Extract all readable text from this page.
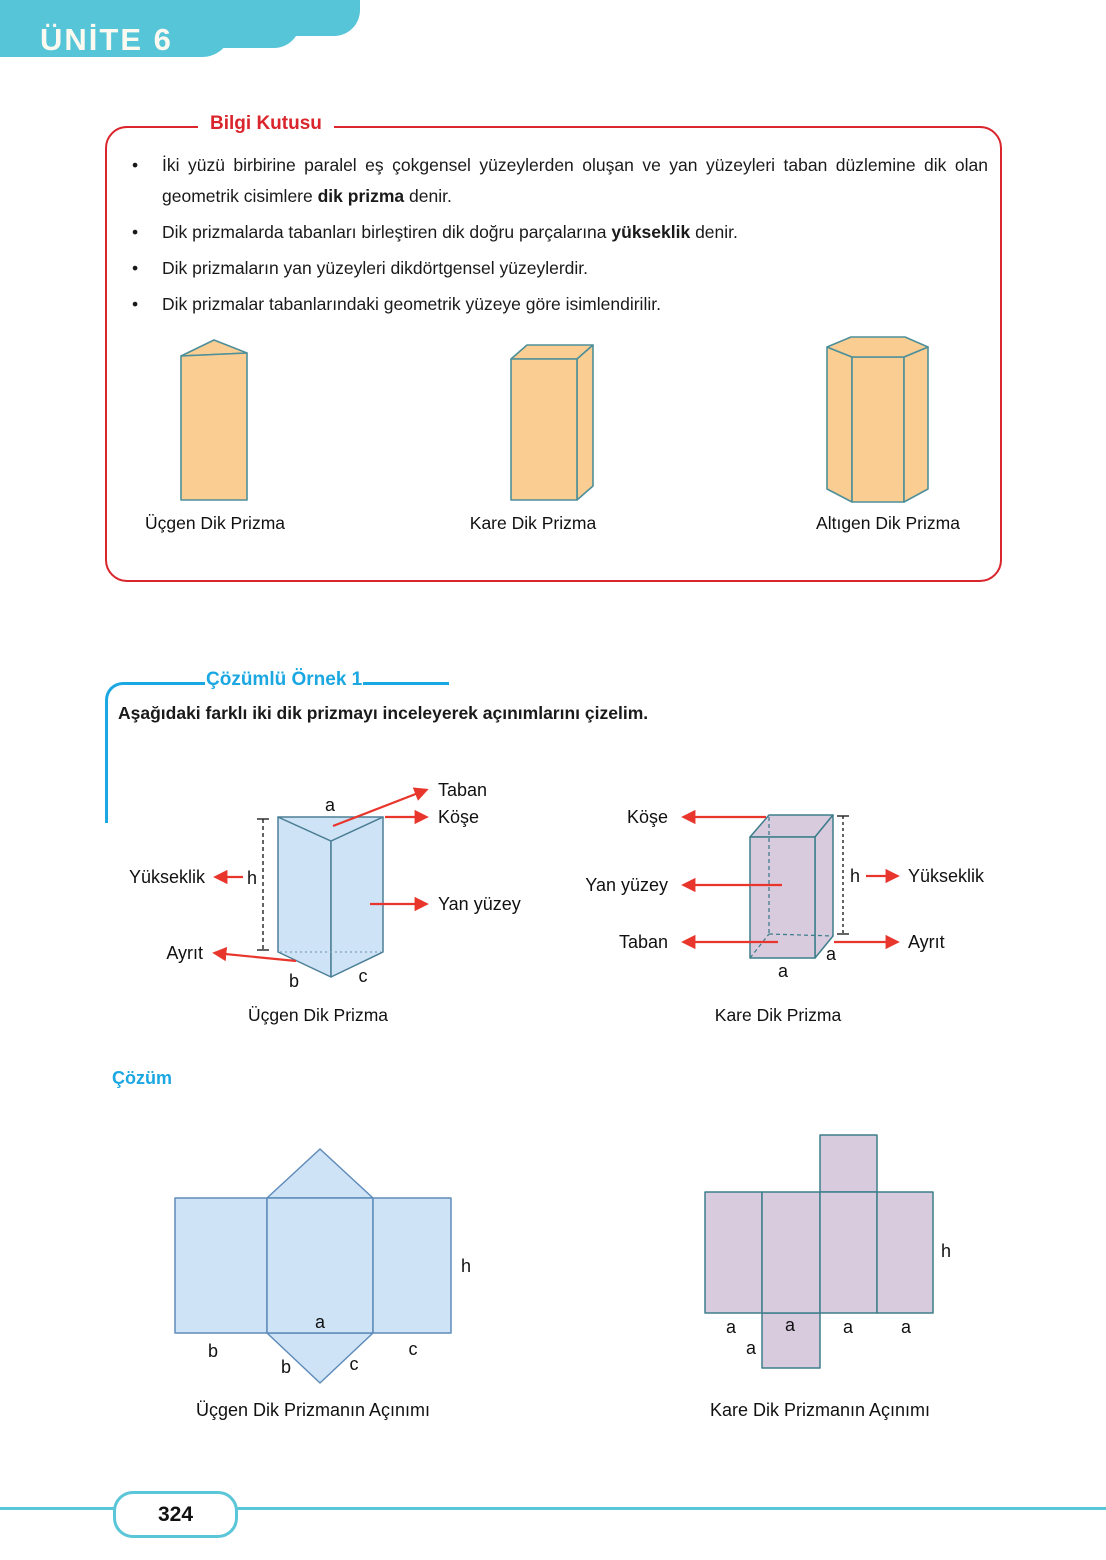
ÜNİTE 6
Bilgi Kutusu
•	İki yüzü birbirine paralel eş çokgensel yüzeylerden oluşan ve yan yüzeyleri taban düzlemine dik olan geometrik cisimlere dik prizma denir.
•	Dik prizmalarda tabanları birleştiren dik doğru parçalarına yükseklik denir.
•	Dik prizmaların yan yüzeyleri dikdörtgensel yüzeylerdir.
•	Dik prizmalar tabanlarındaki geometrik yüzeye göre isimlendirilir.
Üçgen Dik Prizma	Kare Dik Prizma	Altıgen Dik Prizma
Çözümlü Örnek 1
Aşağıdaki farklı iki dik prizmayı inceleyerek açınımlarını çizelim.
Taban
Köşe
Yükseklik
Yan yüzey
Ayrıt
a
h
b	c
Üçgen Dik Prizma
Köşe
Yan yüzey
Taban
Yükseklik
Ayrıt
h
a
a
Kare Dik Prizma
Çözüm
a
b	c
b	c
h
Üçgen Dik Prizmanın Açınımı
a	a	a	a
a
h
Kare Dik Prizmanın Açınımı
324
